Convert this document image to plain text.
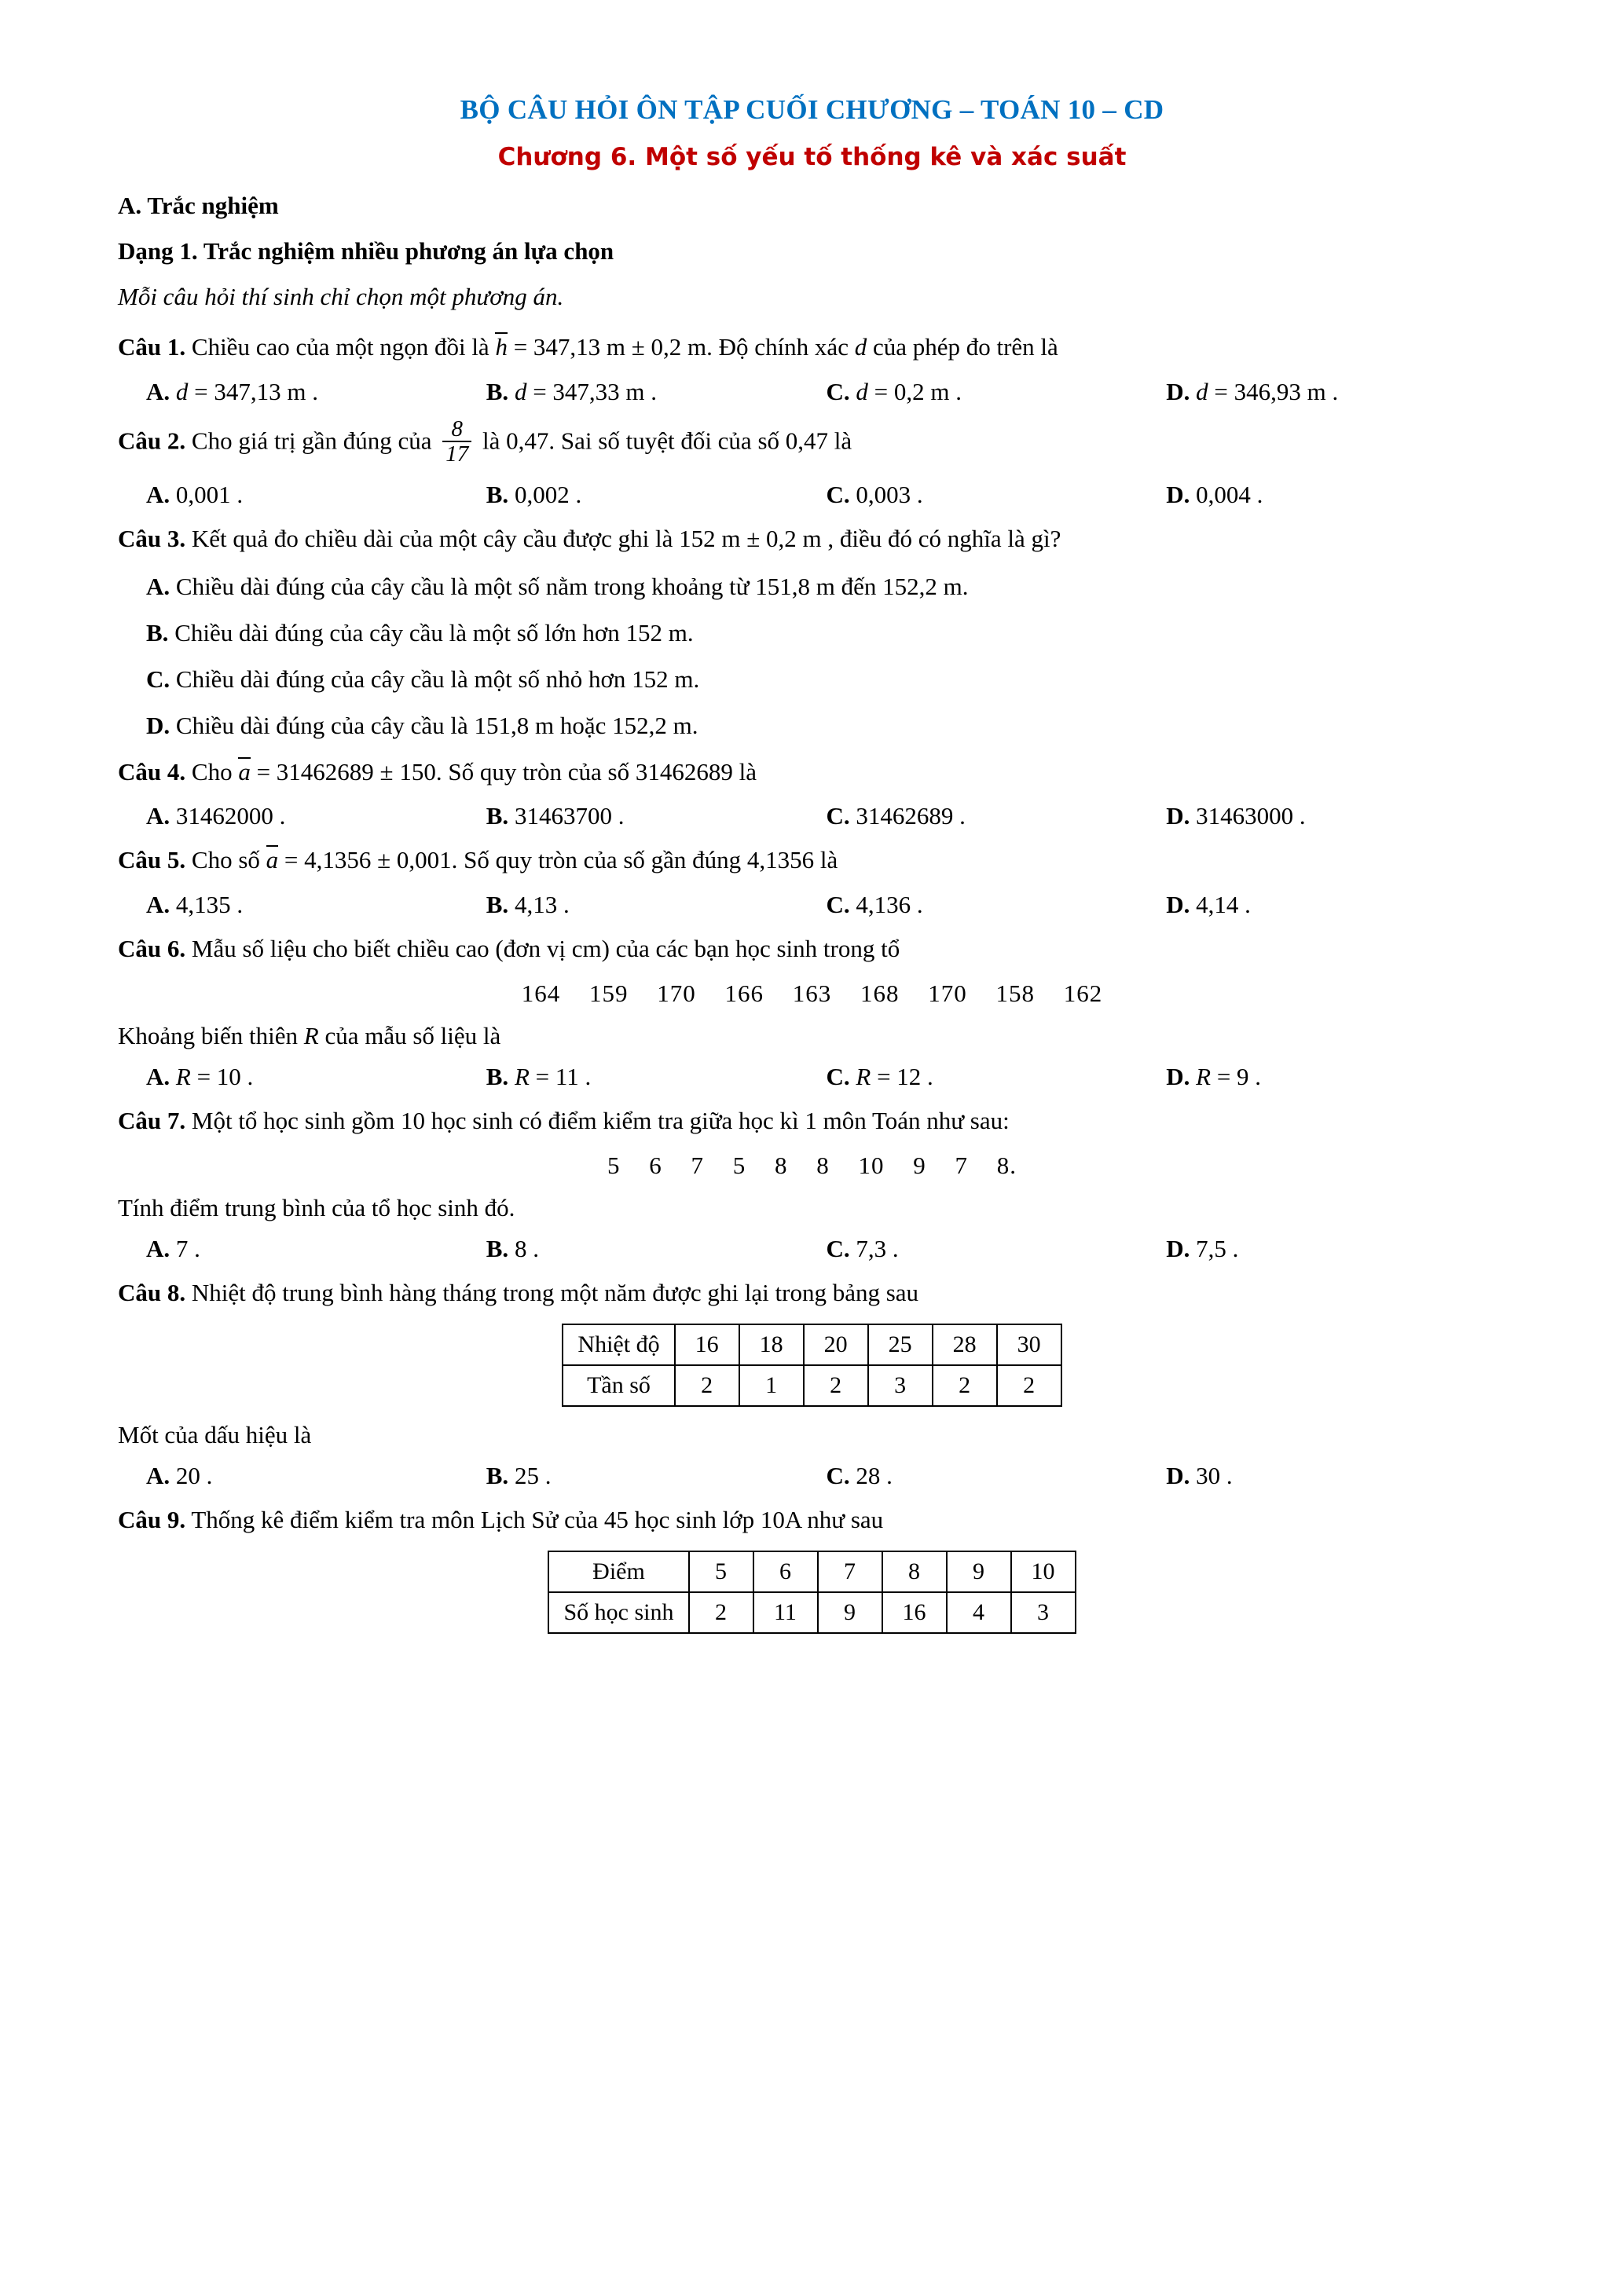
BỘ CÂU HỎI ÔN TẬP CUỐI CHƯƠNG – TOÁN 10 – CD
Chương 6. Một số yếu tố thống kê và xác suất
A. Trắc nghiệm
Dạng 1. Trắc nghiệm nhiều phương án lựa chọn
Mỗi câu hỏi thí sinh chỉ chọn một phương án.
Câu 1. Chiều cao của một ngọn đồi là h = 347,13 m ± 0,2 m. Độ chính xác d của phép đo trên là
A. d = 347,13 m .	B. d = 347,33 m .	C. d = 0,2 m .	D. d = 346,93 m .
Câu 2. Cho giá trị gần đúng của $\frac{8}{17}$ là 0,47. Sai số tuyệt đối của số 0,47 là
A. 0,001 .	B. 0,002 .	C. 0,003 .	D. 0,004 .
Câu 3. Kết quả đo chiều dài của một cây cầu được ghi là 152 m ± 0,2 m , điều đó có nghĩa là gì?
A. Chiều dài đúng của cây cầu là một số nằm trong khoảng từ 151,8 m đến 152,2 m.
B. Chiều dài đúng của cây cầu là một số lớn hơn 152 m.
C. Chiều dài đúng của cây cầu là một số nhỏ hơn 152 m.
D. Chiều dài đúng của cây cầu là 151,8 m hoặc 152,2 m.
Câu 4. Cho a = 31462689 ± 150. Số quy tròn của số 31462689 là
A. 31462000 .	B. 31463700 .	C. 31462689 .	D. 31463000 .
Câu 5. Cho số a = 4,1356 ± 0,001. Số quy tròn của số gần đúng 4,1356 là
A. 4,135 .	B. 4,13 .	C. 4,136 .	D. 4,14 .
Câu 6. Mẫu số liệu cho biết chiều cao (đơn vị cm) của các bạn học sinh trong tổ
164 159 170 166 163 168 170 158 162
Khoảng biến thiên R của mẫu số liệu là
A. R = 10 .	B. R = 11 .	C. R = 12 .	D. R = 9 .
Câu 7. Một tổ học sinh gồm 10 học sinh có điểm kiểm tra giữa học kì 1 môn Toán như sau:
5 6 7 5 8 8 10 9 7 8.
Tính điểm trung bình của tổ học sinh đó.
A. 7 .	B. 8 .	C. 7,3 .	D. 7,5 .
Câu 8. Nhiệt độ trung bình hàng tháng trong một năm được ghi lại trong bảng sau
Nhiệt độ	16	18	20	25	28	30
Tần số	2	1	2	3	2	2
Mốt của dấu hiệu là
A. 20 .	B. 25 .	C. 28 .	D. 30 .
Câu 9. Thống kê điểm kiểm tra môn Lịch Sử của 45 học sinh lớp 10A như sau
Điểm	5	6	7	8	9	10
Số học sinh	2	11	9	16	4	3
